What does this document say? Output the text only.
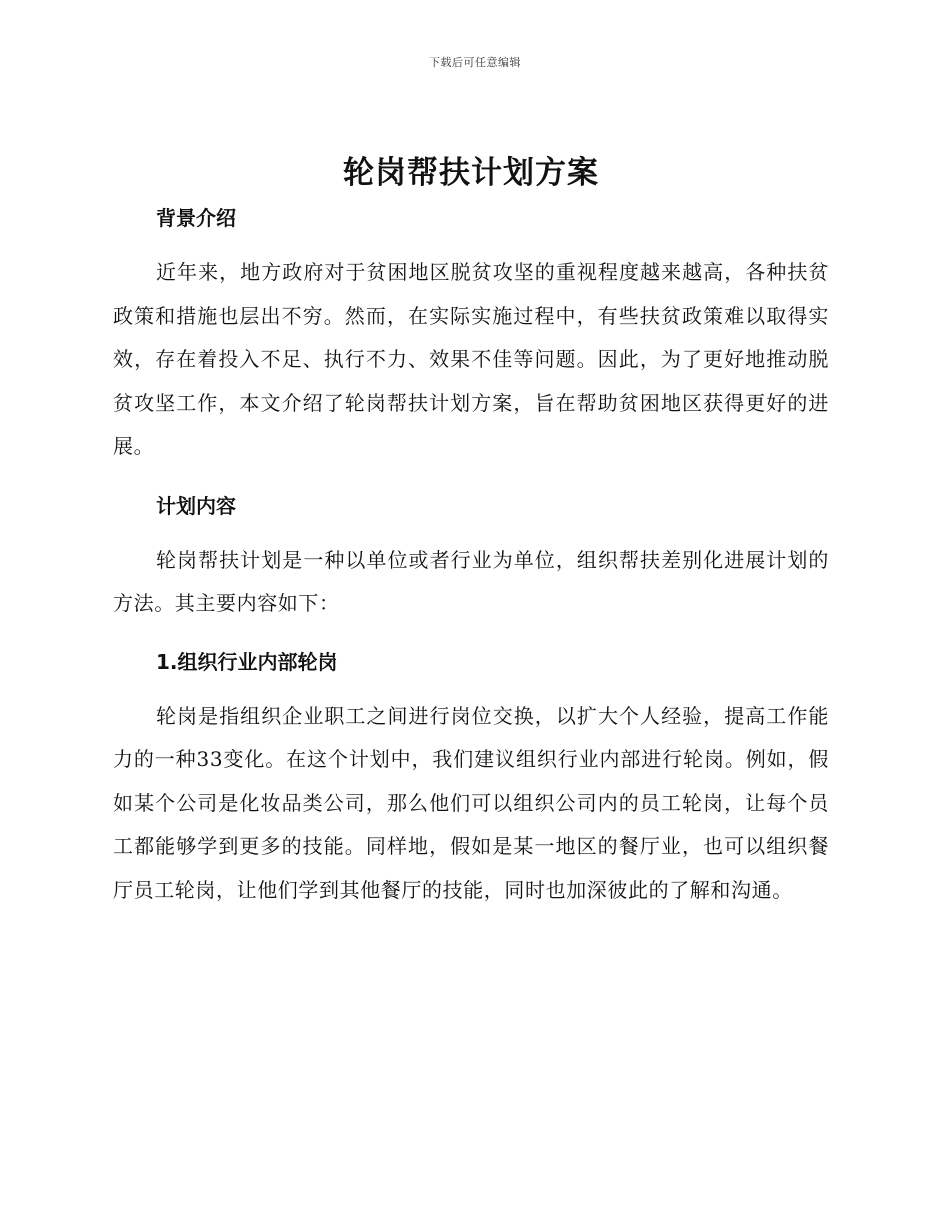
下载后可任意编辑
轮岗帮扶计划方案
背景介绍

近年来，地方政府对于贫困地区脱贫攻坚的重视程度越来越高，各种扶贫政策和措施也层出不穷。然而，在实际实施过程中，有些扶贫政策难以取得实效，存在着投入不足、执行不力、效果不佳等问题。因此，为了更好地推动脱贫攻坚工作，本文介绍了轮岗帮扶计划方案，旨在帮助贫困地区获得更好的进展。

计划内容

轮岗帮扶计划是一种以单位或者行业为单位，组织帮扶差别化进展计划的方法。其主要内容如下：

1.组织行业内部轮岗

轮岗是指组织企业职工之间进行岗位交换，以扩大个人经验，提高工作能力的一种33变化。在这个计划中，我们建议组织行业内部进行轮岗。例如，假如某个公司是化妆品类公司，那么他们可以组织公司内的员工轮岗，让每个员工都能够学到更多的技能。同样地，假如是某一地区的餐厅业，也可以组织餐厅员工轮岗，让他们学到其他餐厅的技能，同时也加深彼此的了解和沟通。
